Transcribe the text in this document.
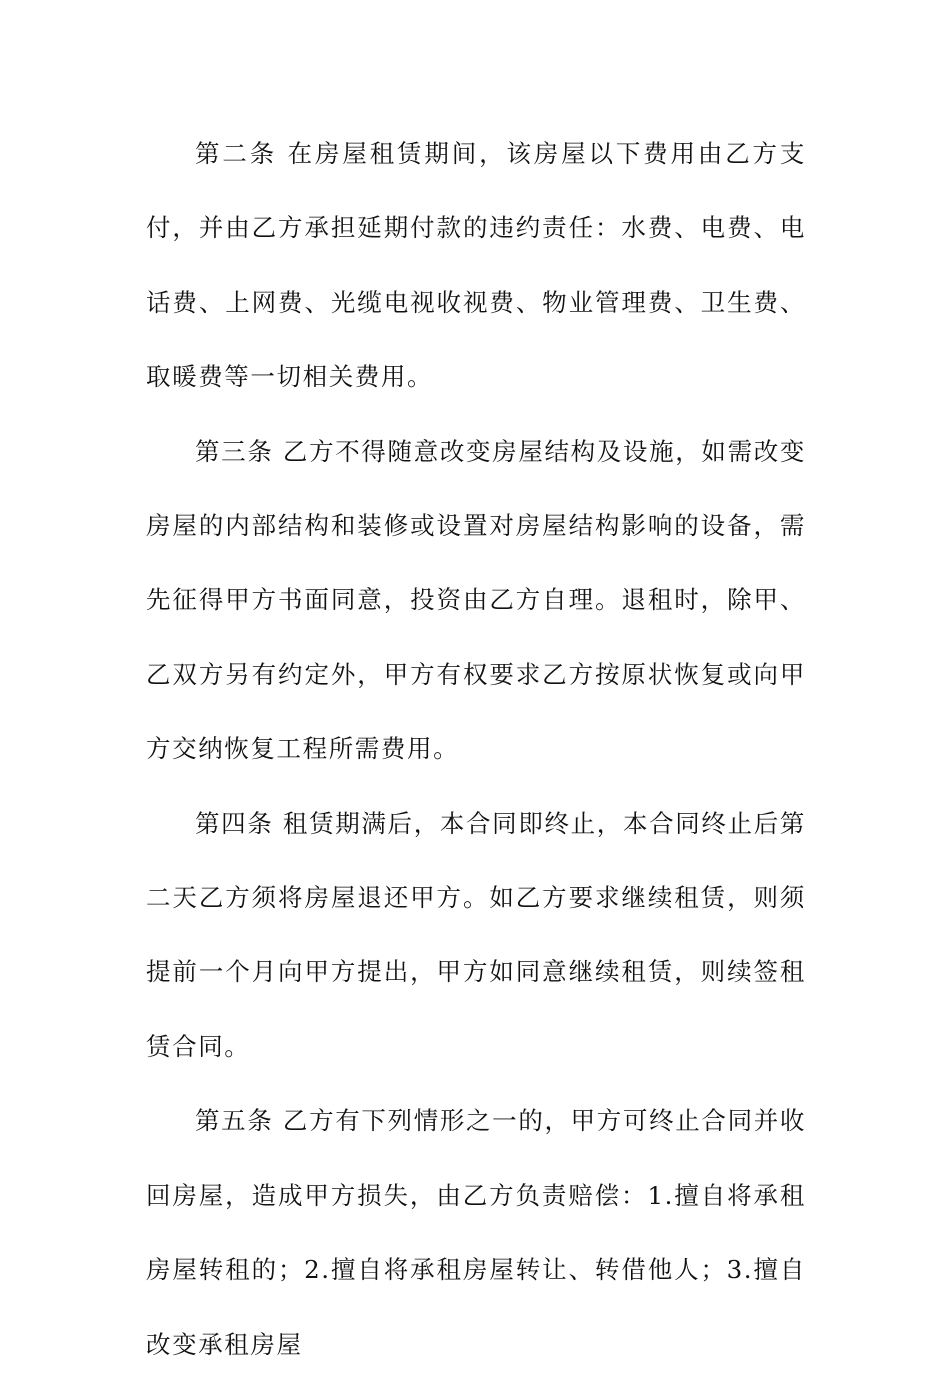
第二条 在房屋租赁期间，该房屋以下费用由乙方支付，并由乙方承担延期付款的违约责任：水费、电费、电话费、上网费、光缆电视收视费、物业管理费、卫生费、取暖费等一切相关费用。

第三条 乙方不得随意改变房屋结构及设施，如需改变房屋的内部结构和装修或设置对房屋结构影响的设备，需先征得甲方书面同意，投资由乙方自理。退租时，除甲、乙双方另有约定外，甲方有权要求乙方按原状恢复或向甲方交纳恢复工程所需费用。

第四条 租赁期满后，本合同即终止，本合同终止后第二天乙方须将房屋退还甲方。如乙方要求继续租赁，则须提前一个月向甲方提出，甲方如同意继续租赁，则续签租赁合同。

第五条 乙方有下列情形之一的，甲方可终止合同并收回房屋，造成甲方损失，由乙方负责赔偿：1.擅自将承租房屋转租的；2.擅自将承租房屋转让、转借他人；3.擅自改变承租房屋
